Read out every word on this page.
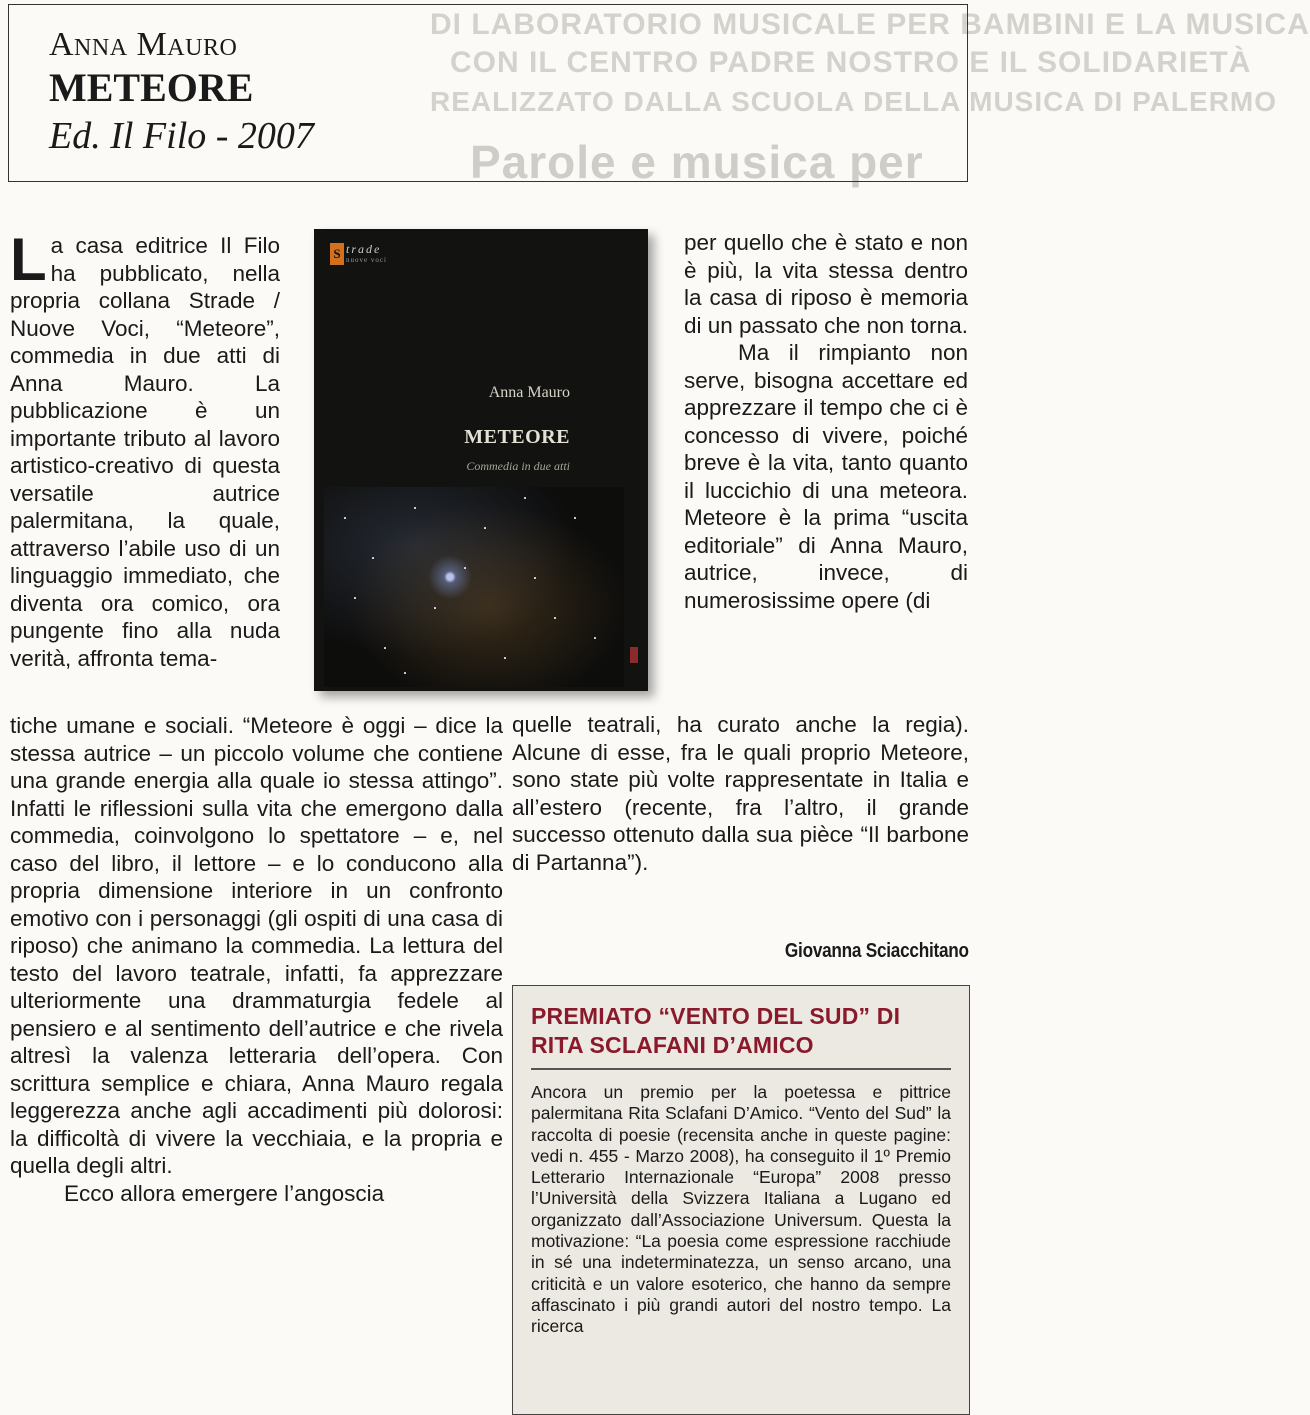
DI LABORATORIO MUSICALE PER BAMBINI E LA MUSICA
CON IL CENTRO PADRE NOSTRO E IL SOLIDARIETÀ
REALIZZATO DALLA SCUOLA DELLA MUSICA DI PALERMO
Parole e musica per
Anna Mauro
METEORE
Ed. Il Filo - 2007

La casa editrice Il Filo ha pubblicato, nella propria collana Strade / Nuove Voci, “Meteore”, commedia in due atti di Anna Mauro. La pubblicazione è un importante tributo al lavoro artistico-creativo di questa versatile autrice palermitana, la quale, attraverso l’abile uso di un linguaggio immediato, che diventa ora comico, ora pungente fino alla nuda verità, affronta tema-

S trade
nuove voci
Anna Mauro
METEORE
Commedia in due atti

per quello che è stato e non è più, la vita stessa dentro la casa di riposo è memoria di un passato che non torna.

Ma il rimpianto non serve, bisogna accettare ed apprezzare il tempo che ci è concesso di vivere, poiché breve è la vita, tanto quanto il luccichio di una meteora. Meteore è la prima “uscita editoriale” di Anna Mauro, autrice, invece, di numerosissime opere (di

tiche umane e sociali. “Meteore è oggi – dice la stessa autrice – un piccolo volume che contiene una grande energia alla quale io stessa attingo”. Infatti le riflessioni sulla vita che emergono dalla commedia, coinvolgono lo spettatore – e, nel caso del libro, il lettore – e lo conducono alla propria dimensione interiore in un confronto emotivo con i personaggi (gli ospiti di una casa di riposo) che animano la commedia. La lettura del testo del lavoro teatrale, infatti, fa apprezzare ulteriormente una drammaturgia fedele al pensiero e al sentimento dell’autrice e che rivela altresì la valenza letteraria dell’opera. Con scrittura semplice e chiara, Anna Mauro regala leggerezza anche agli accadimenti più dolorosi: la difficoltà di vivere la vecchiaia, e la propria e quella degli altri.

Ecco allora emergere l’angoscia

quelle teatrali, ha curato anche la regia). Alcune di esse, fra le quali proprio Meteore, sono state più volte rappresentate in Italia e all’estero (recente, fra l’altro, il grande successo ottenuto dalla sua pièce “Il barbone di Partanna”).

Giovanna Sciacchitano
PREMIATO “VENTO DEL SUD” DI RITA SCLAFANI D’AMICO
Ancora un premio per la poetessa e pittrice palermitana Rita Sclafani D’Amico. “Vento del Sud” la raccolta di poesie (recensita anche in queste pagine: vedi n. 455 - Marzo 2008), ha conseguito il 1º Premio Letterario Internazionale “Europa” 2008 presso l’Università della Svizzera Italiana a Lugano ed organizzato dall’Associazione Universum. Questa la motivazione: “La poesia come espressione racchiude in sé una indeterminatezza, un senso arcano, una criticità e un valore esoterico, che hanno da sempre affascinato i più grandi autori del nostro tempo. La ricerca
